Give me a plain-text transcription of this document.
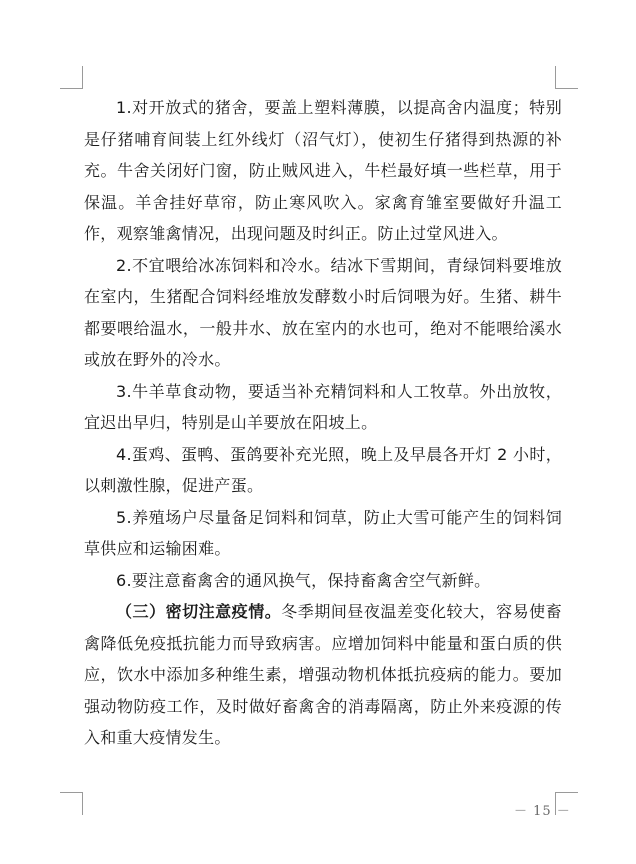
1.对开放式的猪舍，要盖上塑料薄膜，以提高舍内温度；特别是仔猪哺育间装上红外线灯（沼气灯），使初生仔猪得到热源的补充。牛舍关闭好门窗，防止贼风进入，牛栏最好填一些栏草，用于保温。羊舍挂好草帘，防止寒风吹入。家禽育雏室要做好升温工作，观察雏禽情况，出现问题及时纠正。防止过堂风进入。

2.不宜喂给冰冻饲料和冷水。结冰下雪期间，青绿饲料要堆放在室内，生猪配合饲料经堆放发酵数小时后饲喂为好。生猪、耕牛都要喂给温水，一般井水、放在室内的水也可，绝对不能喂给溪水或放在野外的冷水。

3.牛羊草食动物，要适当补充精饲料和人工牧草。外出放牧，宜迟出早归，特别是山羊要放在阳坡上。

4.蛋鸡、蛋鸭、蛋鸽要补充光照，晚上及早晨各开灯 2 小时，以刺激性腺，促进产蛋。

5.养殖场户尽量备足饲料和饲草，防止大雪可能产生的饲料饲草供应和运输困难。

6.要注意畜禽舍的通风换气，保持畜禽舍空气新鲜。

（三）密切注意疫情。冬季期间昼夜温差变化较大，容易使畜禽降低免疫抵抗能力而导致病害。应增加饲料中能量和蛋白质的供应，饮水中添加多种维生素，增强动物机体抵抗疫病的能力。要加强动物防疫工作，及时做好畜禽舍的消毒隔离，防止外来疫源的传入和重大疫情发生。

－ 15 －
